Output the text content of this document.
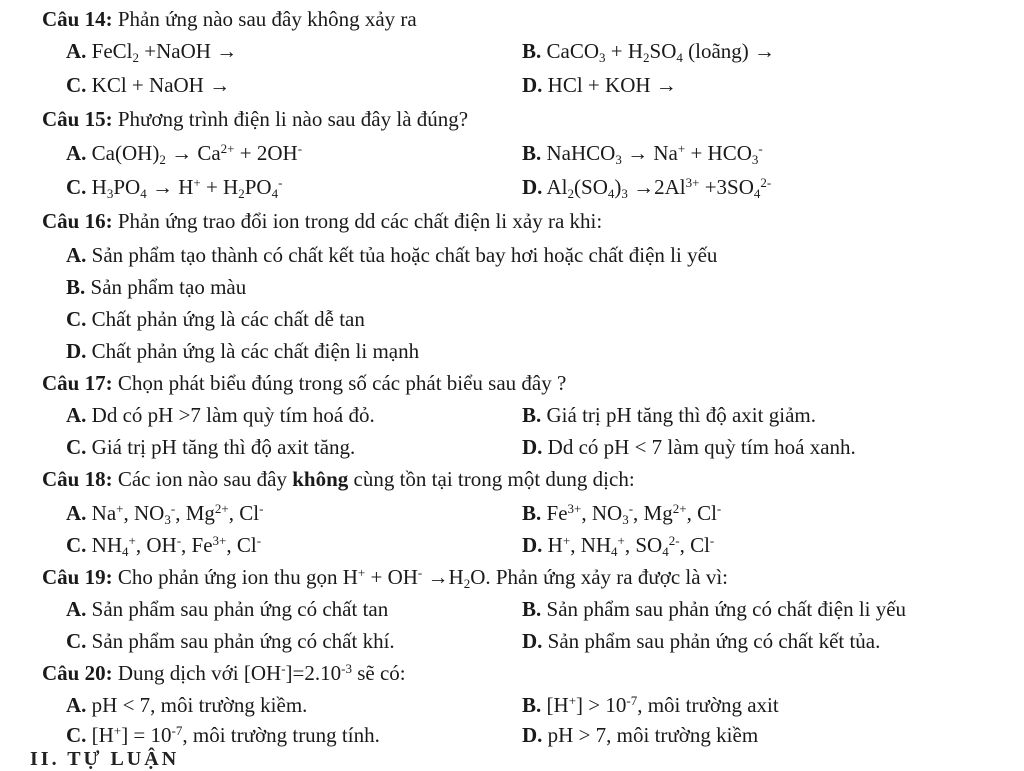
Câu 14: Phản ứng nào sau đây không xảy ra
A. FeCl$_2$ +NaOH →	B. CaCO$_3$ + $H_2SO_4$ (loãng) →
C. KCl + NaOH →	D. HCl + KOH →
Câu 15: Phương trình điện li nào sau đây là đúng?
A. $Ca(OH)_2 \to Ca^{2+} + 2OH^-$	B. NaHCO$_3$ → $Na^+ + HCO_3^-$
C. $H_3PO_4 \to H^+ + H_2PO_4^-$	D. $Al_2(SO_4)_3 \to 2Al^{3+} +3SO_4^{2-}$
Câu 16: Phản ứng trao đổi ion trong dd các chất điện li xảy ra khi:
A. Sản phẩm tạo thành có chất kết tủa hoặc chất bay hơi hoặc chất điện li yếu
B. Sản phẩm tạo màu
C. Chất phản ứng là các chất dễ tan
D. Chất phản ứng là các chất điện li mạnh
Câu 17: Chọn phát biểu đúng trong số các phát biểu sau đây ?
A. Dd có pH >7 làm quỳ tím hoá đỏ.	B. Giá trị pH tăng thì độ axit giảm.
C. Giá trị pH tăng thì độ axit tăng.	D. Dd có pH < 7 làm quỳ tím hoá xanh.
Câu 18: Các ion nào sau đây không cùng tồn tại trong một dung dịch:
A. Na+, $NO_3^-$, $Mg^{2+}$, Cl-	B. $Fe^{3+}$, $NO_3^-$, $Mg^{2+}$, Cl-
C. $NH_4^+$, OH-, $Fe^{3+}$, Cl-	D. H+, $NH_4^+$, $SO_4^{2-}$, Cl-
Câu 19: Cho phản ứng ion thu gọn $H^+ + OH^- \to H_2O$. Phản ứng xảy ra được là vì:
A. Sản phẩm sau phản ứng có chất tan	B. Sản phẩm sau phản ứng có chất điện li yếu
C. Sản phẩm sau phản ứng có chất khí.	D. Sản phẩm sau phản ứng có chất kết tủa.
Câu 20: Dung dịch với $[OH^-]=2.10^{-3}$ sẽ có:
A. pH < 7, môi trường kiềm.	B. $[H^+] > 10^{-7}$, môi trường axit
C. $[H^+] = 10^{-7}$, môi trường trung tính.	D. pH > 7, môi trường kiềm
II. TỰ LUẬN
